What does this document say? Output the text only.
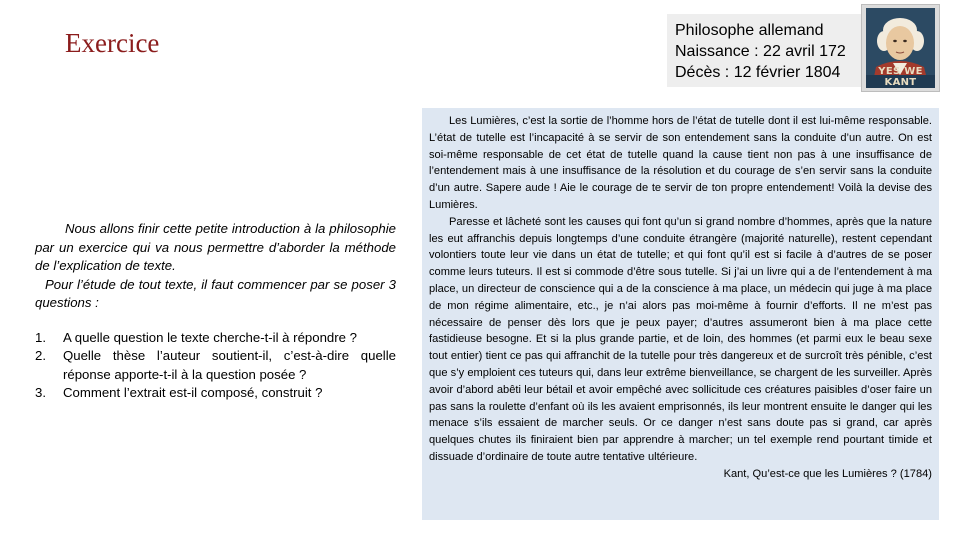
Exercice	Philosophe allemand
Naissance : 22 avril 172
Décès : 12 février 1804	YES WE KANT

Nous allons finir cette petite introduction à la philosophie par un exercice qui va nous permettre d’aborder la méthode de l’explication de texte.

Pour l’étude de tout texte, il faut commencer par se poser 3 questions :

1. A quelle question le texte cherche-t-il à répondre ?
2. Quelle thèse l’auteur soutient-il, c’est-à-dire quelle réponse apporte-t-il à la question posée ?
3. Comment l’extrait est-il composé, construit ?

Les Lumières, c’est la sortie de l’homme hors de l’état de tutelle dont il est lui-même responsable. L’état de tutelle est l’incapacité à se servir de son entendement sans la conduite d’un autre. On est soi-même responsable de cet état de tutelle quand la cause tient non pas à une insuffisance de l’entendement mais à une insuffisance de la résolution et du courage de s’en servir sans la conduite d’un autre. Sapere aude ! Aie le courage de te servir de ton propre entendement! Voilà la devise des Lumières.

Paresse et lâcheté sont les causes qui font qu’un si grand nombre d’hommes, après que la nature les eut affranchis depuis longtemps d’une conduite étrangère (majorité naturelle), restent cependant volontiers toute leur vie dans un état de tutelle; et qui font qu’il est si facile à d’autres de se poser comme leurs tuteurs. Il est si commode d’être sous tutelle. Si j’ai un livre qui a de l’entendement à ma place, un directeur de conscience qui a de la conscience à ma place, un médecin qui juge à ma place de mon régime alimentaire, etc., je n’ai alors pas moi-même à fournir d’efforts. Il ne m’est pas nécessaire de penser dès lors que je peux payer; d’autres assumeront bien à ma place cette fastidieuse besogne. Et si la plus grande partie, et de loin, des hommes (et parmi eux le beau sexe tout entier) tient ce pas qui affranchit de la tutelle pour très dangereux et de surcroît très pénible, c’est que s’y emploient ces tuteurs qui, dans leur extrême bienveillance, se chargent de les surveiller. Après avoir d’abord abêti leur bétail et avoir empêché avec sollicitude ces créatures paisibles d’oser faire un pas sans la roulette d’enfant où ils les avaient emprisonnés, ils leur montrent ensuite le danger qui les menace s’ils essaient de marcher seuls. Or ce danger n’est sans doute pas si grand, car après quelques chutes ils finiraient bien par apprendre à marcher; un tel exemple rend pourtant timide et dissuade d’ordinaire de toute autre tentative ultérieure.

Kant, Qu’est-ce que les Lumières ? (1784)
